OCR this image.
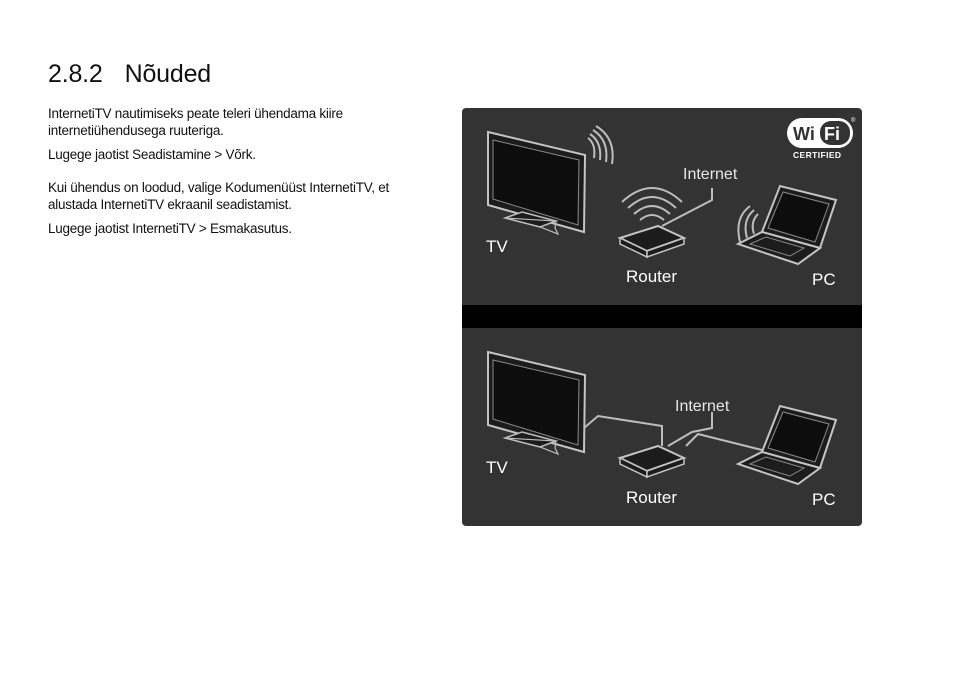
2.8.2 Nõuded

InternetiTV nautimiseks peate teleri ühendama kiire internetiühendusega ruuteriga.

Lugege jaotist Seadistamine > Võrk.

Kui ühendus on loodud, valige Kodumenüüst InternetiTV, et alustada InternetiTV ekraanil seadistamist.

Lugege jaotist InternetiTV > Esmakasutus.

TV
Router
Internet
PC
Wi Fi
®
CERTIFIED
TV
Internet
Router	PC
